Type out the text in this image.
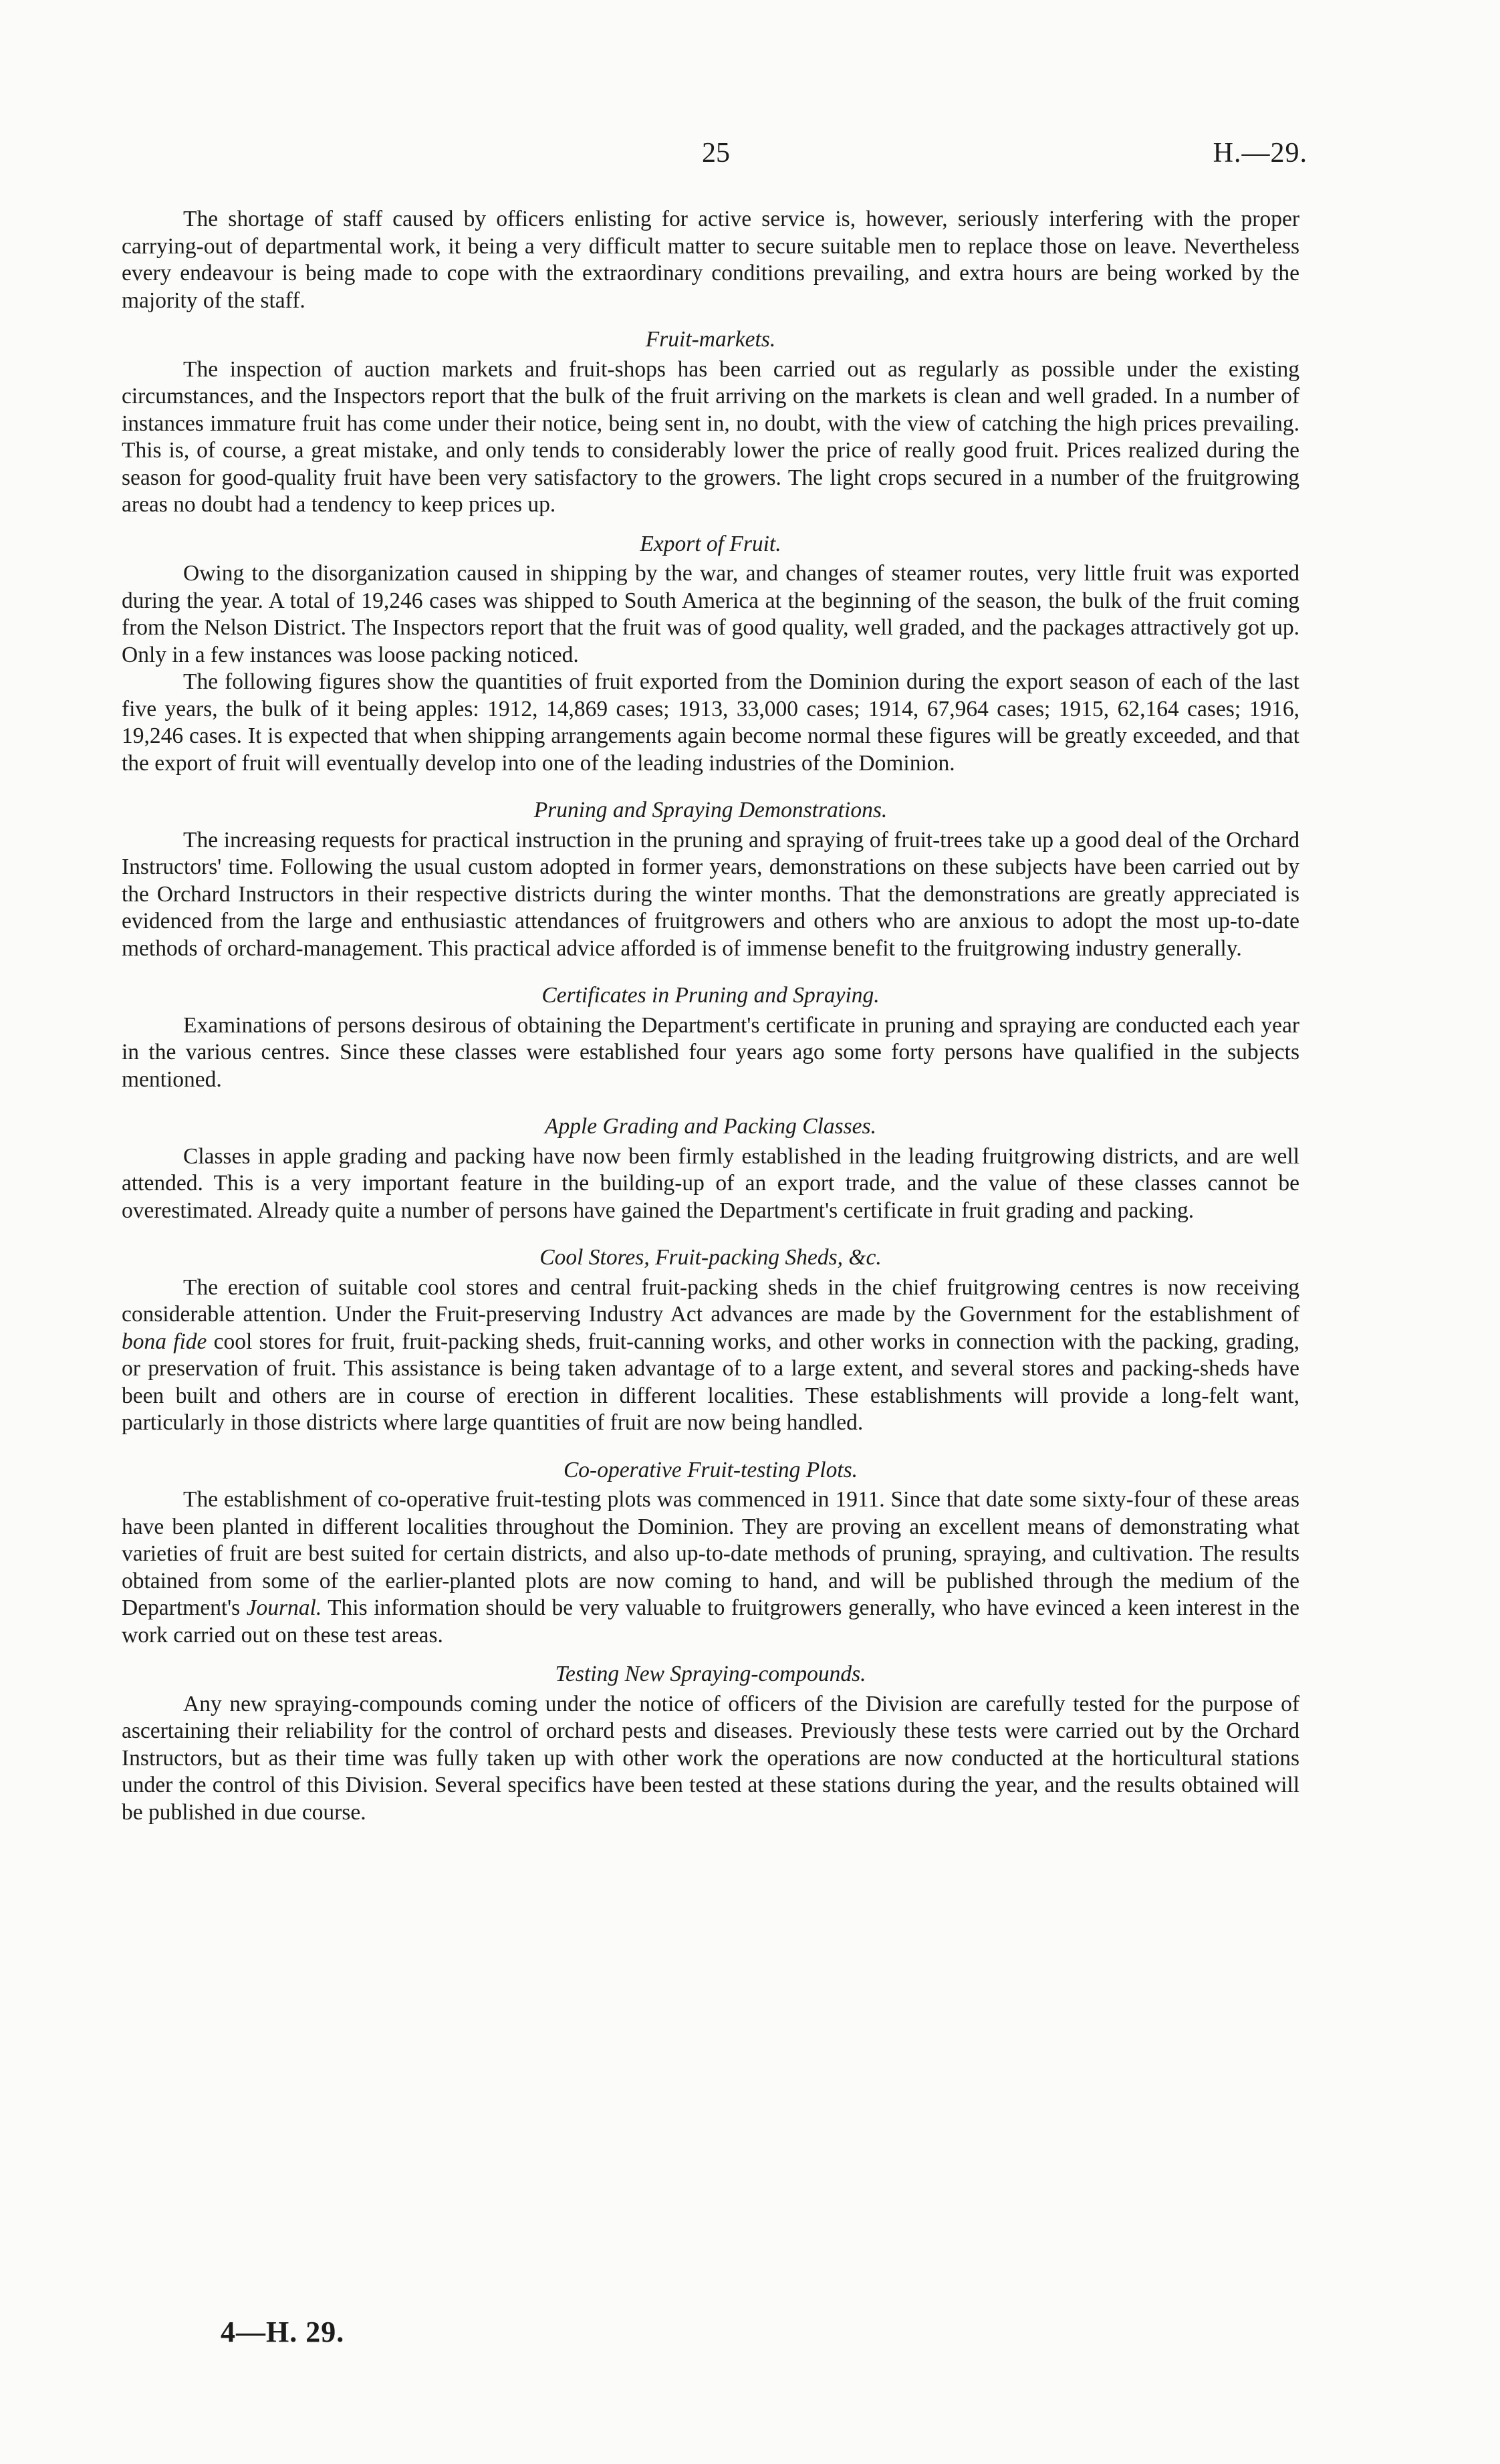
25	H.—29.

The shortage of staff caused by officers enlisting for active service is, however, seriously interfering with the proper carrying-out of departmental work, it being a very difficult matter to secure suitable men to replace those on leave. Nevertheless every endeavour is being made to cope with the extraordinary conditions prevailing, and extra hours are being worked by the majority of the staff.

Fruit-markets.

The inspection of auction markets and fruit-shops has been carried out as regularly as possible under the existing circumstances, and the Inspectors report that the bulk of the fruit arriving on the markets is clean and well graded. In a number of instances immature fruit has come under their notice, being sent in, no doubt, with the view of catching the high prices prevailing. This is, of course, a great mistake, and only tends to considerably lower the price of really good fruit. Prices realized during the season for good-quality fruit have been very satisfactory to the growers. The light crops secured in a number of the fruitgrowing areas no doubt had a tendency to keep prices up.

Export of Fruit.

Owing to the disorganization caused in shipping by the war, and changes of steamer routes, very little fruit was exported during the year. A total of 19,246 cases was shipped to South America at the beginning of the season, the bulk of the fruit coming from the Nelson District. The Inspectors report that the fruit was of good quality, well graded, and the packages attractively got up. Only in a few instances was loose packing noticed.

The following figures show the quantities of fruit exported from the Dominion during the export season of each of the last five years, the bulk of it being apples: 1912, 14,869 cases; 1913, 33,000 cases; 1914, 67,964 cases; 1915, 62,164 cases; 1916, 19,246 cases. It is expected that when shipping arrangements again become normal these figures will be greatly exceeded, and that the export of fruit will eventually develop into one of the leading industries of the Dominion.

Pruning and Spraying Demonstrations.

The increasing requests for practical instruction in the pruning and spraying of fruit-trees take up a good deal of the Orchard Instructors' time. Following the usual custom adopted in former years, demonstrations on these subjects have been carried out by the Orchard Instructors in their respective districts during the winter months. That the demonstrations are greatly appreciated is evidenced from the large and enthusiastic attendances of fruitgrowers and others who are anxious to adopt the most up-to-date methods of orchard-management. This practical advice afforded is of immense benefit to the fruitgrowing industry generally.

Certificates in Pruning and Spraying.

Examinations of persons desirous of obtaining the Department's certificate in pruning and spraying are conducted each year in the various centres. Since these classes were established four years ago some forty persons have qualified in the subjects mentioned.

Apple Grading and Packing Classes.

Classes in apple grading and packing have now been firmly established in the leading fruitgrowing districts, and are well attended. This is a very important feature in the building-up of an export trade, and the value of these classes cannot be overestimated. Already quite a number of persons have gained the Department's certificate in fruit grading and packing.

Cool Stores, Fruit-packing Sheds, &c.

The erection of suitable cool stores and central fruit-packing sheds in the chief fruitgrowing centres is now receiving considerable attention. Under the Fruit-preserving Industry Act advances are made by the Government for the establishment of bona fide cool stores for fruit, fruit-packing sheds, fruit-canning works, and other works in connection with the packing, grading, or preservation of fruit. This assistance is being taken advantage of to a large extent, and several stores and packing-sheds have been built and others are in course of erection in different localities. These establishments will provide a long-felt want, particularly in those districts where large quantities of fruit are now being handled.

Co-operative Fruit-testing Plots.

The establishment of co-operative fruit-testing plots was commenced in 1911. Since that date some sixty-four of these areas have been planted in different localities throughout the Dominion. They are proving an excellent means of demonstrating what varieties of fruit are best suited for certain districts, and also up-to-date methods of pruning, spraying, and cultivation. The results obtained from some of the earlier-planted plots are now coming to hand, and will be published through the medium of the Department's Journal. This information should be very valuable to fruitgrowers generally, who have evinced a keen interest in the work carried out on these test areas.

Testing New Spraying-compounds.

Any new spraying-compounds coming under the notice of officers of the Division are carefully tested for the purpose of ascertaining their reliability for the control of orchard pests and diseases. Previously these tests were carried out by the Orchard Instructors, but as their time was fully taken up with other work the operations are now conducted at the horticultural stations under the control of this Division. Several specifics have been tested at these stations during the year, and the results obtained will be published in due course.

4—H. 29.
